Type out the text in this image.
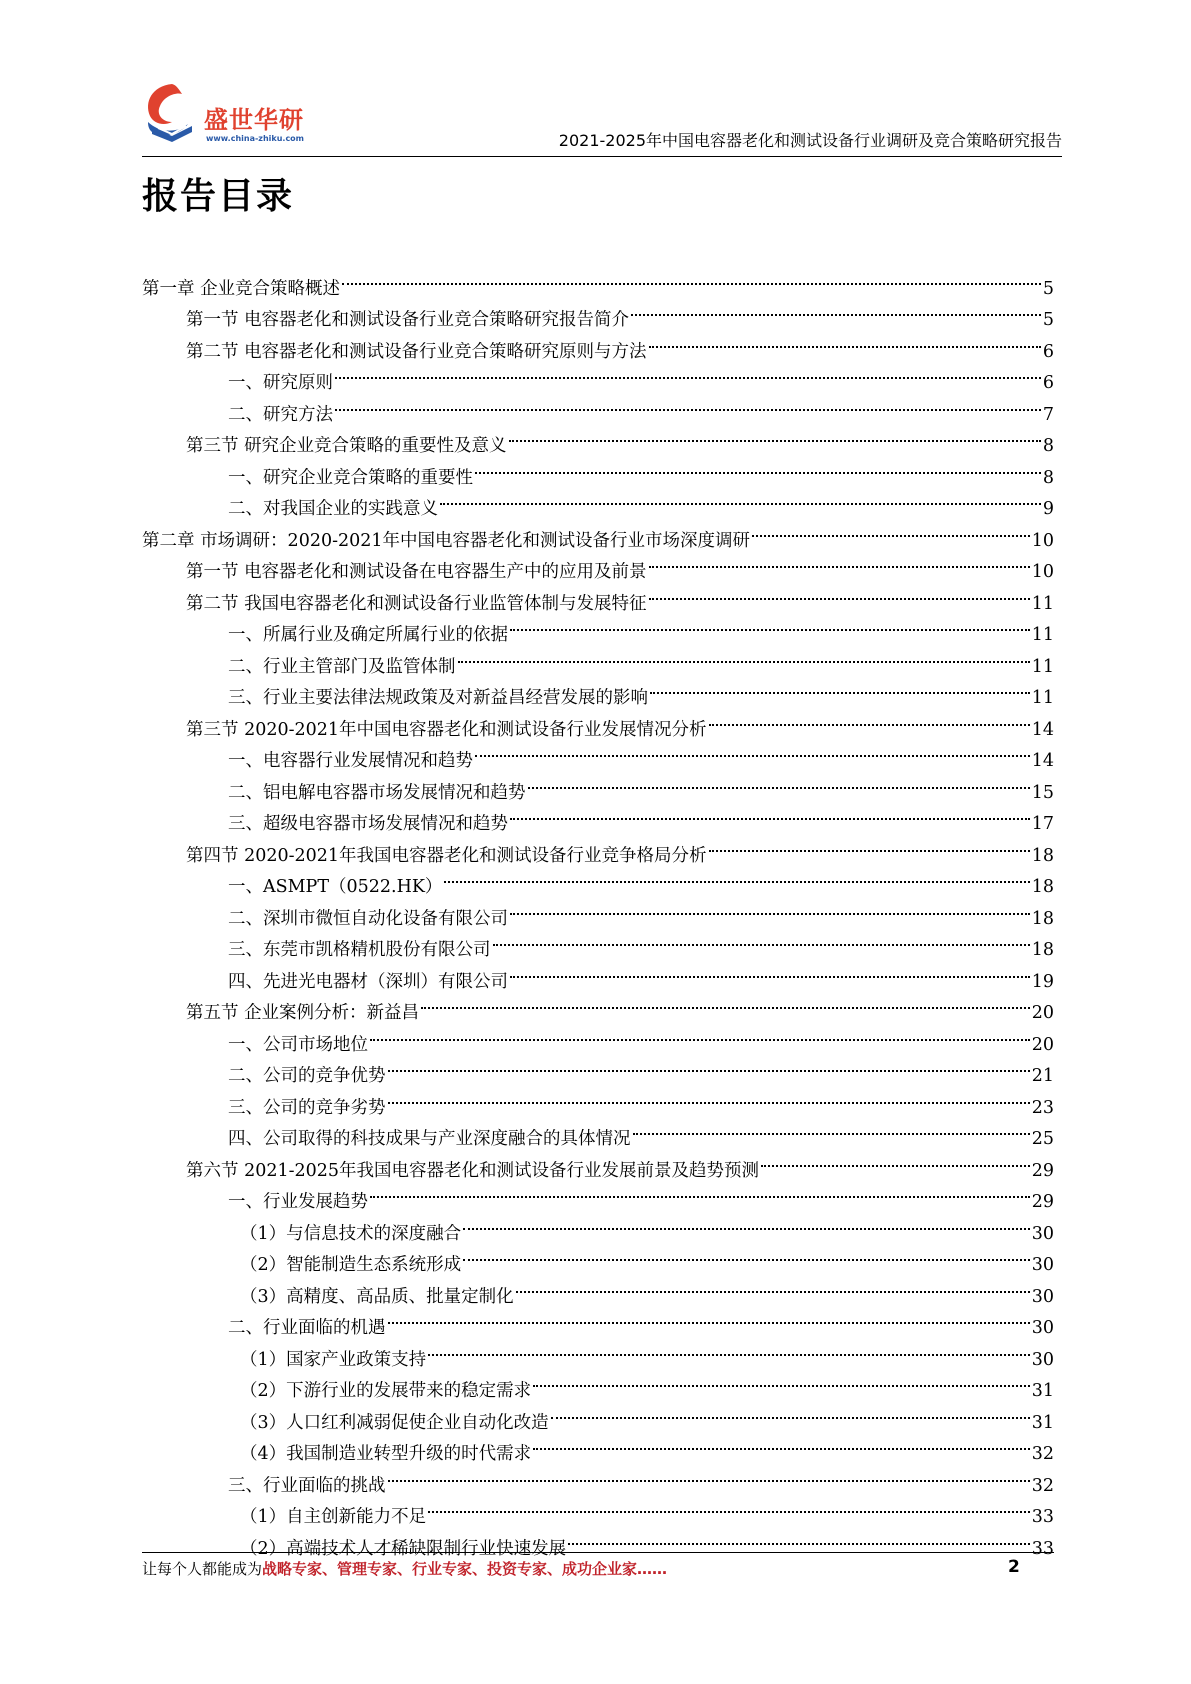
盛世华研
www.china-zhiku.com	2021-2025年中国电容器老化和测试设备行业调研及竞合策略研究报告
报告目录
第一章 企业竞合策略概述	5
第一节 电容器老化和测试设备行业竞合策略研究报告简介	5
第二节 电容器老化和测试设备行业竞合策略研究原则与方法	6
一、研究原则	6
二、研究方法	7
第三节 研究企业竞合策略的重要性及意义	8
一、研究企业竞合策略的重要性	8
二、对我国企业的实践意义	9
第二章 市场调研：2020-2021年中国电容器老化和测试设备行业市场深度调研	10
第一节 电容器老化和测试设备在电容器生产中的应用及前景	10
第二节 我国电容器老化和测试设备行业监管体制与发展特征	11
一、所属行业及确定所属行业的依据	11
二、行业主管部门及监管体制	11
三、行业主要法律法规政策及对新益昌经营发展的影响	11
第三节 2020-2021年中国电容器老化和测试设备行业发展情况分析	14
一、电容器行业发展情况和趋势	14
二、铝电解电容器市场发展情况和趋势	15
三、超级电容器市场发展情况和趋势	17
第四节 2020-2021年我国电容器老化和测试设备行业竞争格局分析	18
一、ASMPT（0522.HK）	18
二、深圳市微恒自动化设备有限公司	18
三、东莞市凯格精机股份有限公司	18
四、先进光电器材（深圳）有限公司	19
第五节 企业案例分析：新益昌	20
一、公司市场地位	20
二、公司的竞争优势	21
三、公司的竞争劣势	23
四、公司取得的科技成果与产业深度融合的具体情况	25
第六节 2021-2025年我国电容器老化和测试设备行业发展前景及趋势预测	29
一、行业发展趋势	29
（1）与信息技术的深度融合	30
（2）智能制造生态系统形成	30
（3）高精度、高品质、批量定制化	30
二、行业面临的机遇	30
（1）国家产业政策支持	30
（2）下游行业的发展带来的稳定需求	31
（3）人口红利减弱促使企业自动化改造	31
（4）我国制造业转型升级的时代需求	32
三、行业面临的挑战	32
（1）自主创新能力不足	33
（2）高端技术人才稀缺限制行业快速发展	33
让每个人都能成为战略专家、管理专家、行业专家、投资专家、成功企业家……	2
